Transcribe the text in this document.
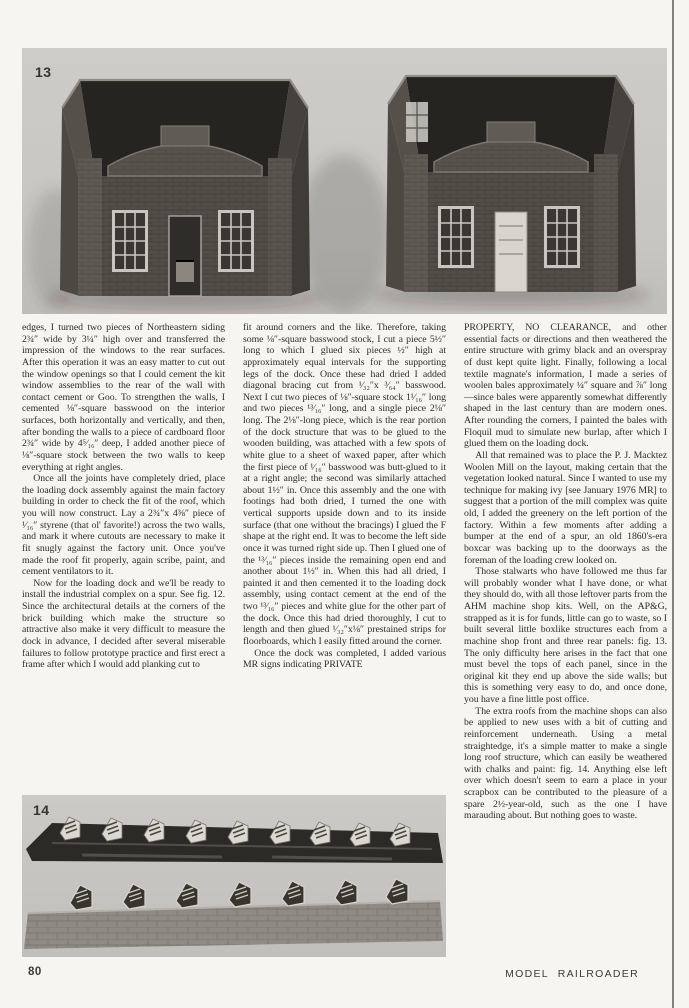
13

edges, I turned two pieces of Northeastern siding 2¾″ wide by 3¼″ high over and transferred the impression of the windows to the rear surfaces. After this operation it was an easy matter to cut out the window openings so that I could cement the kit window assemblies to the rear of the wall with contact cement or Goo. To strengthen the walls, I cemented ⅛″-square basswood on the interior surfaces, both horizontally and vertically, and then, after bonding the walls to a piece of cardboard floor 2¾″ wide by 4⁵⁄₁₆″ deep, I added another piece of ⅛″-square stock between the two walls to keep everything at right angles.

Once all the joints have completely dried, place the loading dock assembly against the main factory building in order to check the fit of the roof, which you will now construct. Lay a 2¾″x 4⅜″ piece of ¹⁄₁₆″ styrene (that ol' favorite!) across the two walls, and mark it where cutouts are necessary to make it fit snugly against the factory unit. Once you've made the roof fit properly, again scribe, paint, and cement ventilators to it.

Now for the loading dock and we'll be ready to install the industrial complex on a spur. See fig. 12. Since the architectural details at the corners of the brick building which make the structure so attractive also make it very difficult to measure the dock in advance, I decided after several miserable failures to follow prototype practice and first erect a frame after which I would add planking cut to

fit around corners and the like. Therefore, taking some ⅛″-square basswood stock, I cut a piece 5½″ long to which I glued six pieces ½″ high at approximately equal intervals for the supporting legs of the dock. Once these had dried I added diagonal bracing cut from ¹⁄₃₂″x ³⁄₆₄″ basswood. Next I cut two pieces of ⅛″-square stock 1¹⁄₁₆″ long and two pieces ¹³⁄₁₆″ long, and a single piece 2⅛″ long. The 2⅛″-long piece, which is the rear portion of the dock structure that was to be glued to the wooden building, was attached with a few spots of white glue to a sheet of waxed paper, after which the first piece of ¹⁄₁₆″ basswood was butt-glued to it at a right angle; the second was similarly attached about 1½″ in. Once this assembly and the one with footings had both dried, I turned the one with vertical supports upside down and to its inside surface (that one without the bracings) I glued the F shape at the right end. It was to become the left side once it was turned right side up. Then I glued one of the ¹³⁄₁₆″ pieces inside the remaining open end and another about 1½″ in. When this had all dried, I painted it and then cemented it to the loading dock assembly, using contact cement at the end of the two ¹³⁄₁₆″ pieces and white glue for the other part of the dock. Once this had dried thoroughly, I cut to length and then glued ¹⁄₃₂″x⅛″ prestained strips for floorboards, which I easily fitted around the corner.

Once the dock was completed, I added various MR signs indicating PRIVATE

PROPERTY, NO CLEARANCE, and other essential facts or directions and then weathered the entire structure with grimy black and an overspray of dust kept quite light. Finally, following a local textile magnate's information, I made a series of woolen bales approximately ¼″ square and ⅞″ long—since bales were apparently somewhat differently shaped in the last century than are modern ones. After rounding the corners, I painted the bales with Floquil mud to simulate new burlap, after which I glued them on the loading dock.

All that remained was to place the P. J. Macktez Woolen Mill on the layout, making certain that the vegetation looked natural. Since I wanted to use my technique for making ivy [see January 1976 MR] to suggest that a portion of the mill complex was quite old, I added the greenery on the left portion of the factory. Within a few moments after adding a bumper at the end of a spur, an old 1860's-era boxcar was backing up to the doorways as the foreman of the loading crew looked on.

Those stalwarts who have followed me thus far will probably wonder what I have done, or what they should do, with all those leftover parts from the AHM machine shop kits. Well, on the AP&G, strapped as it is for funds, little can go to waste, so I built several little boxlike structures each from a machine shop front and three rear panels: fig. 13. The only difficulty here arises in the fact that one must bevel the tops of each panel, since in the original kit they end up above the side walls; but this is something very easy to do, and once done, you have a fine little post office.

The extra roofs from the machine shops can also be applied to new uses with a bit of cutting and reinforcement underneath. Using a metal straightedge, it's a simple matter to make a single long roof structure, which can easily be weathered with chalks and paint: fig. 14. Anything else left over which doesn't seem to earn a place in your scrapbox can be contributed to the pleasure of a spare 2½-year-old, such as the one I have marauding about. But nothing goes to waste.

14
80	MODEL RAILROADER
